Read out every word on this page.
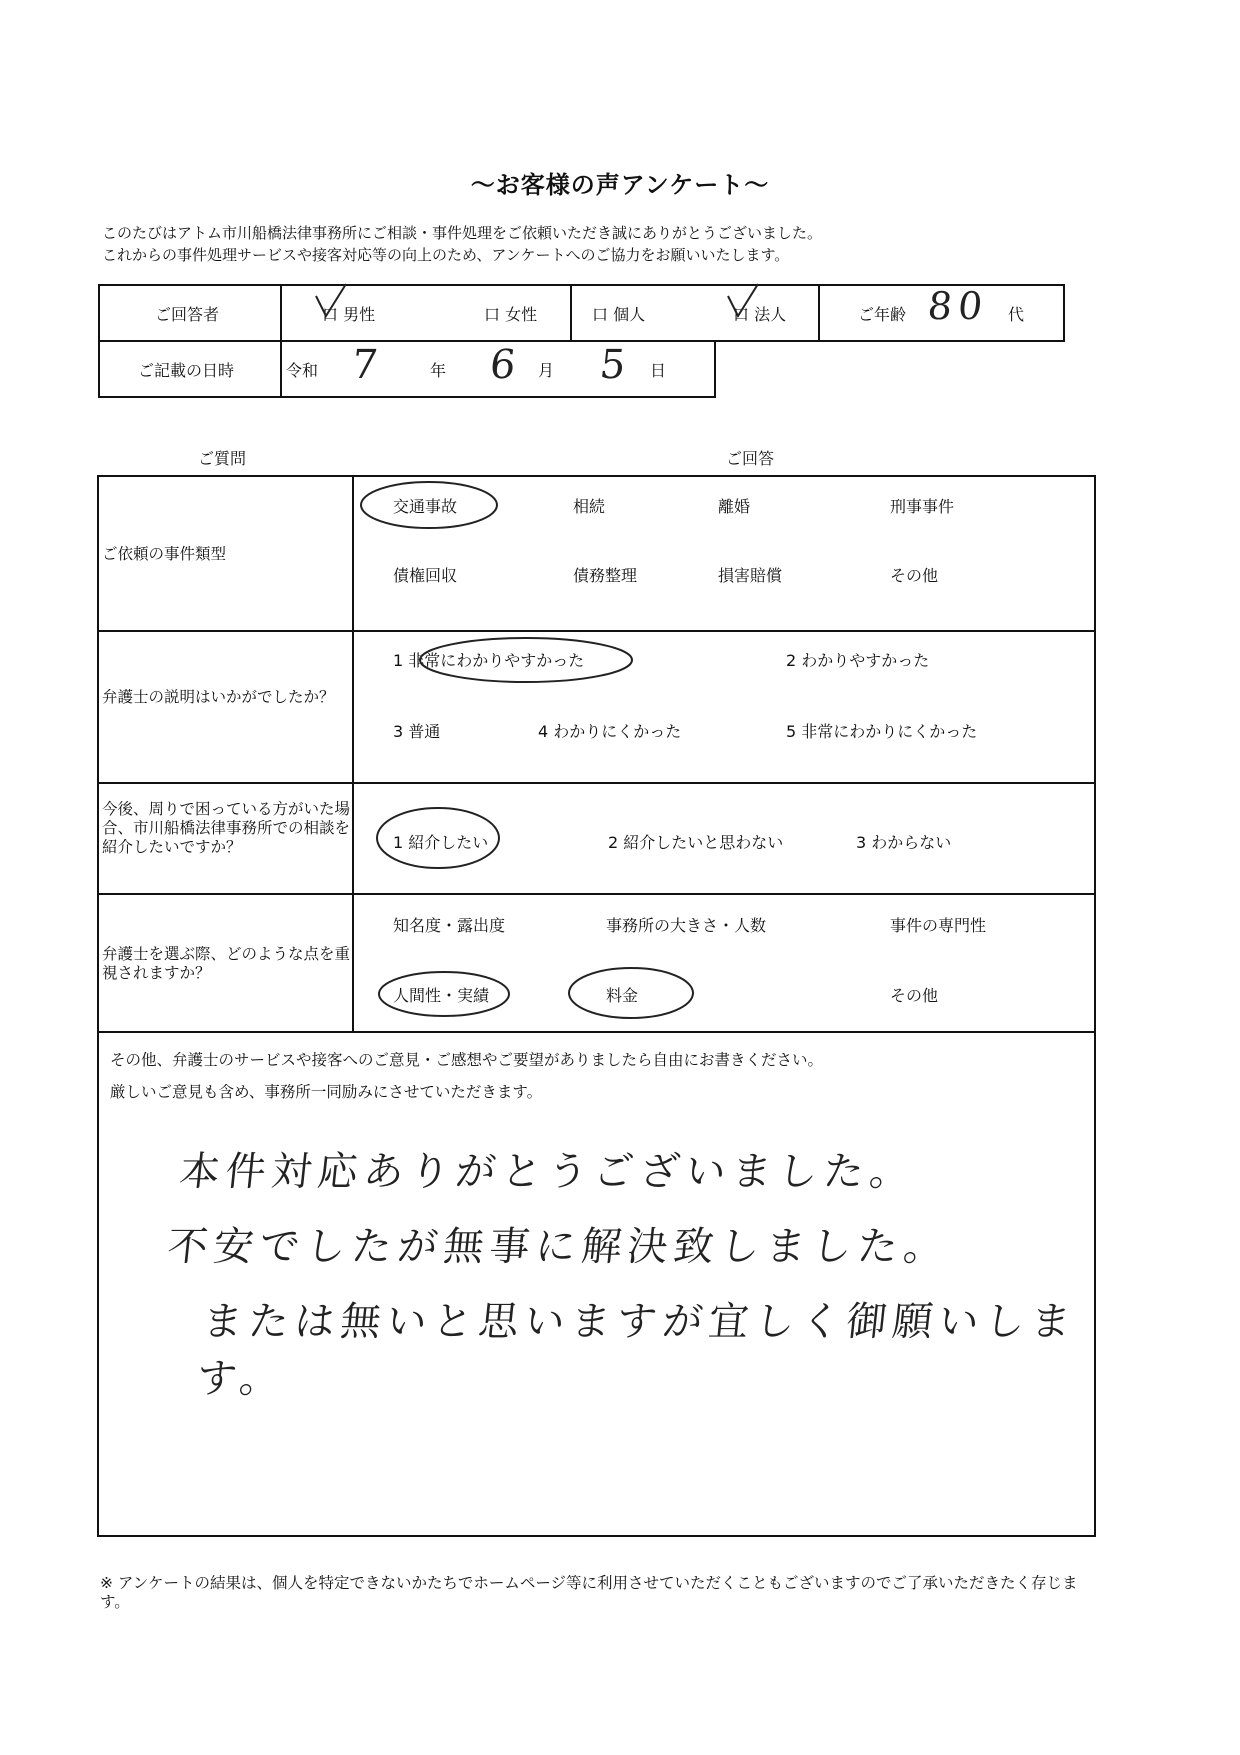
～お客様の声アンケート～
このたびはアトム市川船橋法律事務所にご相談・事件処理をご依頼いただき誠にありがとうございました。
これからの事件処理サービスや接客対応等の向上のため、アンケートへのご協力をお願いいたします。
ご回答者	口 男性	口 女性	口 個人	口 法人	ご年齢 80 代
ご記載の日時	令和 7	年 6 月 5 日
ご質問	ご回答
ご依頼の事件類型
交通事故	相続	離婚	刑事事件
債権回収	債務整理	損害賠償	その他
弁護士の説明はいかがでしたか？
1 非常にわかりやすかった	2 わかりやすかった
3 普通	4 わかりにくかった	5 非常にわかりにくかった
今後、周りで困っている方がいた場合、市川船橋法律事務所での相談を紹介したいですか？	1 紹介したい	2 紹介したいと思わない	3 わからない
弁護士を選ぶ際、どのような点を重視されますか？
知名度・露出度	事務所の大きさ・人数	事件の専門性
人間性・実績	料金	その他
その他、弁護士のサービスや接客へのご意見・ご感想やご要望がありましたら自由にお書きください。
厳しいご意見も含め、事務所一同励みにさせていただきます。
本件対応ありがとうございました。
不安でしたが無事に解決致しました。
または無いと思いますが宜しく御願いします。
※ アンケートの結果は、個人を特定できないかたちでホームページ等に利用させていただくこともございますのでご了承いただきたく存じます。
